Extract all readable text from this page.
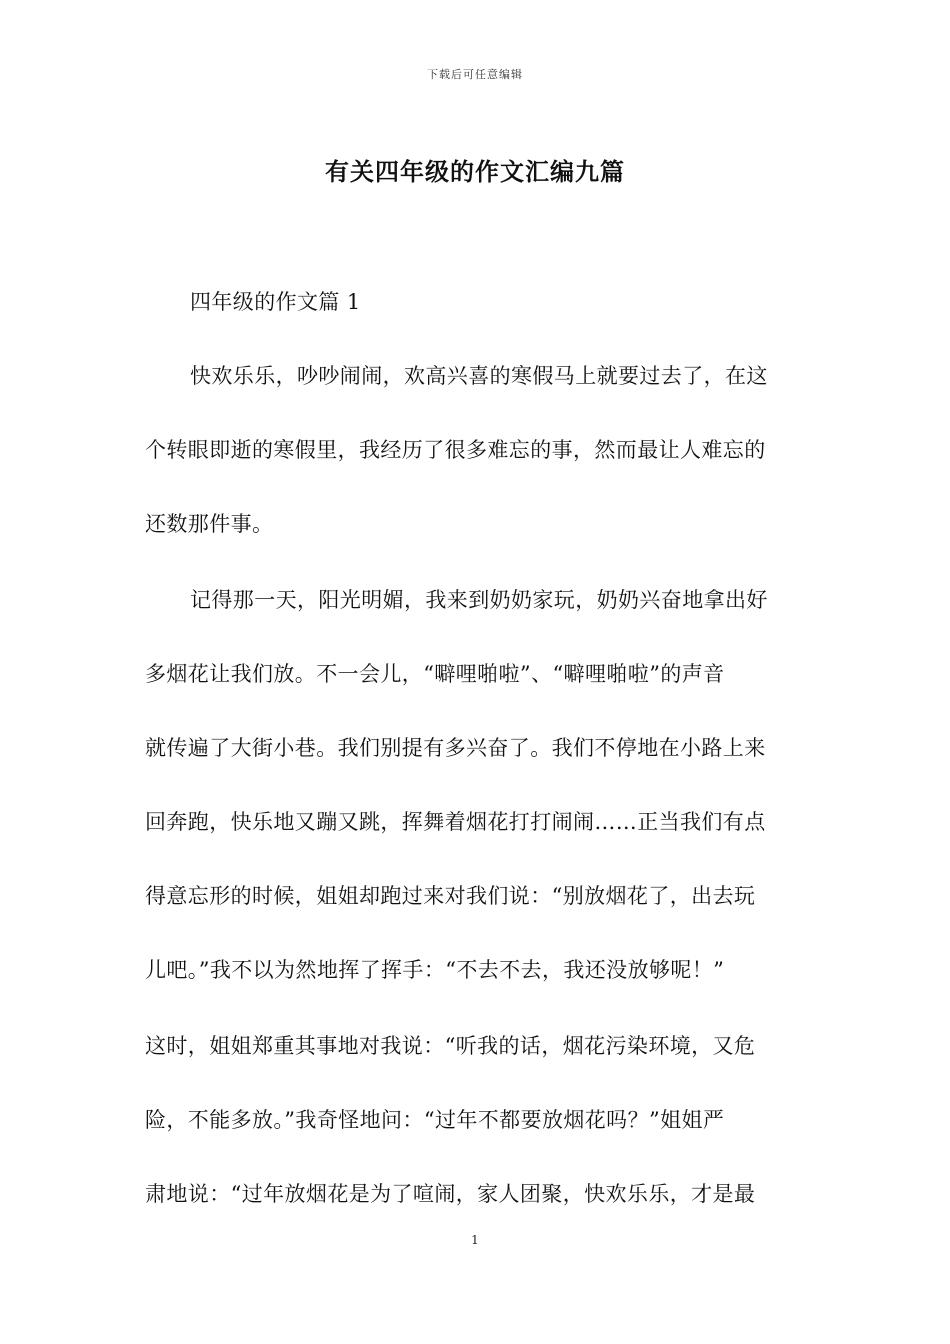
下载后可任意编辑
有关四年级的作文汇编九篇
四年级的作文篇 1
快欢乐乐，吵吵闹闹，欢高兴喜的寒假马上就要过去了，在这
个转眼即逝的寒假里，我经历了很多难忘的事，然而最让人难忘的
还数那件事。
记得那一天，阳光明媚，我来到奶奶家玩，奶奶兴奋地拿出好
多烟花让我们放。不一会儿，“噼哩啪啦”、“噼哩啪啦”的声音
就传遍了大街小巷。我们别提有多兴奋了。我们不停地在小路上来
回奔跑，快乐地又蹦又跳，挥舞着烟花打打闹闹……正当我们有点
得意忘形的时候，姐姐却跑过来对我们说：“别放烟花了，出去玩
儿吧。”我不以为然地挥了挥手：“不去不去，我还没放够呢！”
这时，姐姐郑重其事地对我说：“听我的话，烟花污染环境，又危
险，不能多放。”我奇怪地问：“过年不都要放烟花吗？”姐姐严
肃地说：“过年放烟花是为了喧闹，家人团聚，快欢乐乐，才是最
1
